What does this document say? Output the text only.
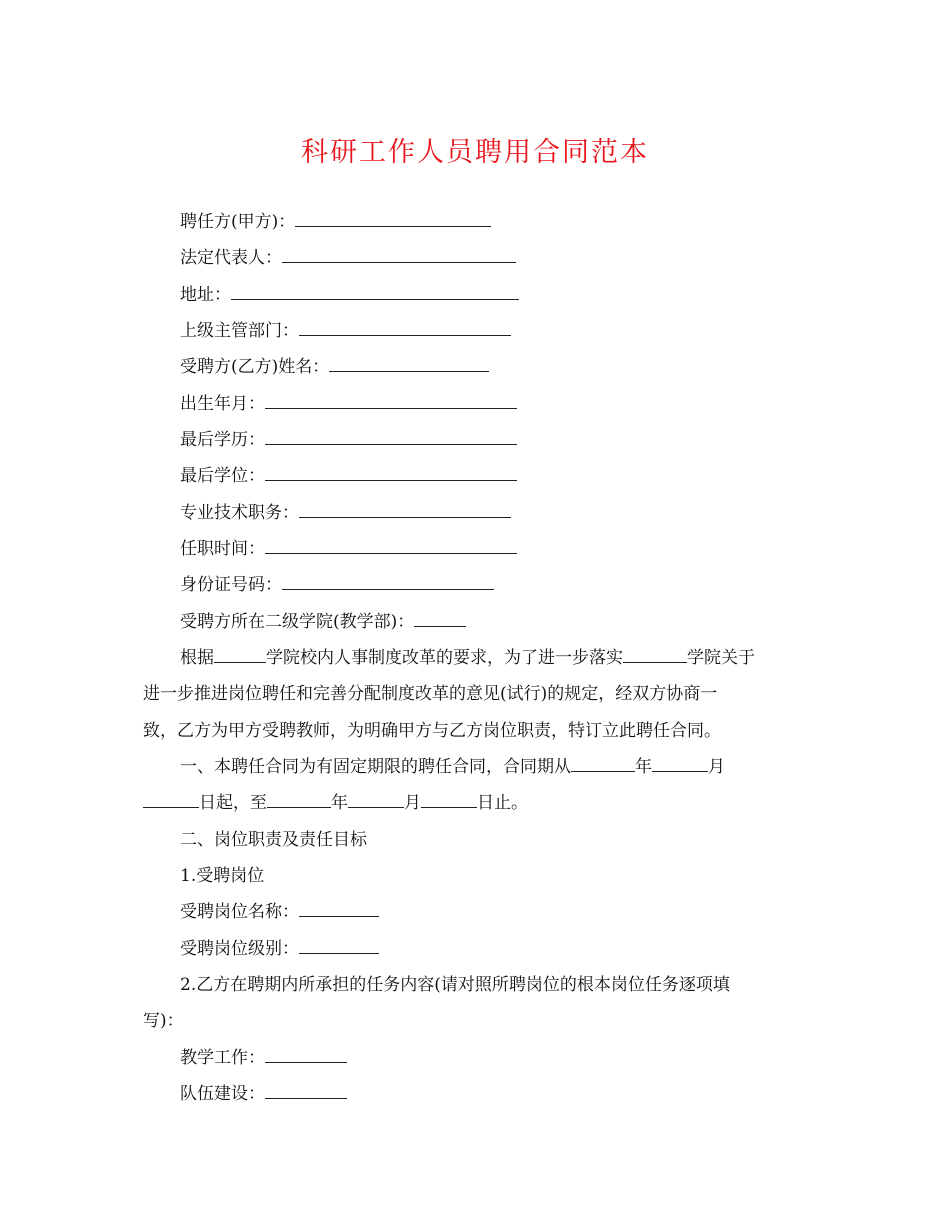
科研工作人员聘用合同范本
聘任方(甲方)：
法定代表人：
地址：
上级主管部门：
受聘方(乙方)姓名：
出生年月：
最后学历：
最后学位：
专业技术职务：
任职时间：
身份证号码：
受聘方所在二级学院(教学部)：
根据	学院校内人事制度改革的要求，为了进一步落实	学院关于
进一步推进岗位聘任和完善分配制度改革的意见(试行)的规定，经双方协商一
致，乙方为甲方受聘教师，为明确甲方与乙方岗位职责，特订立此聘任合同。
一、本聘任合同为有固定期限的聘任合同，合同期从	年	月
日起，至	年	月	日止。
二、岗位职责及责任目标
1.受聘岗位
受聘岗位名称：
受聘岗位级别：
2.乙方在聘期内所承担的任务内容(请对照所聘岗位的根本岗位任务逐项填
写)：
教学工作：
队伍建设：
